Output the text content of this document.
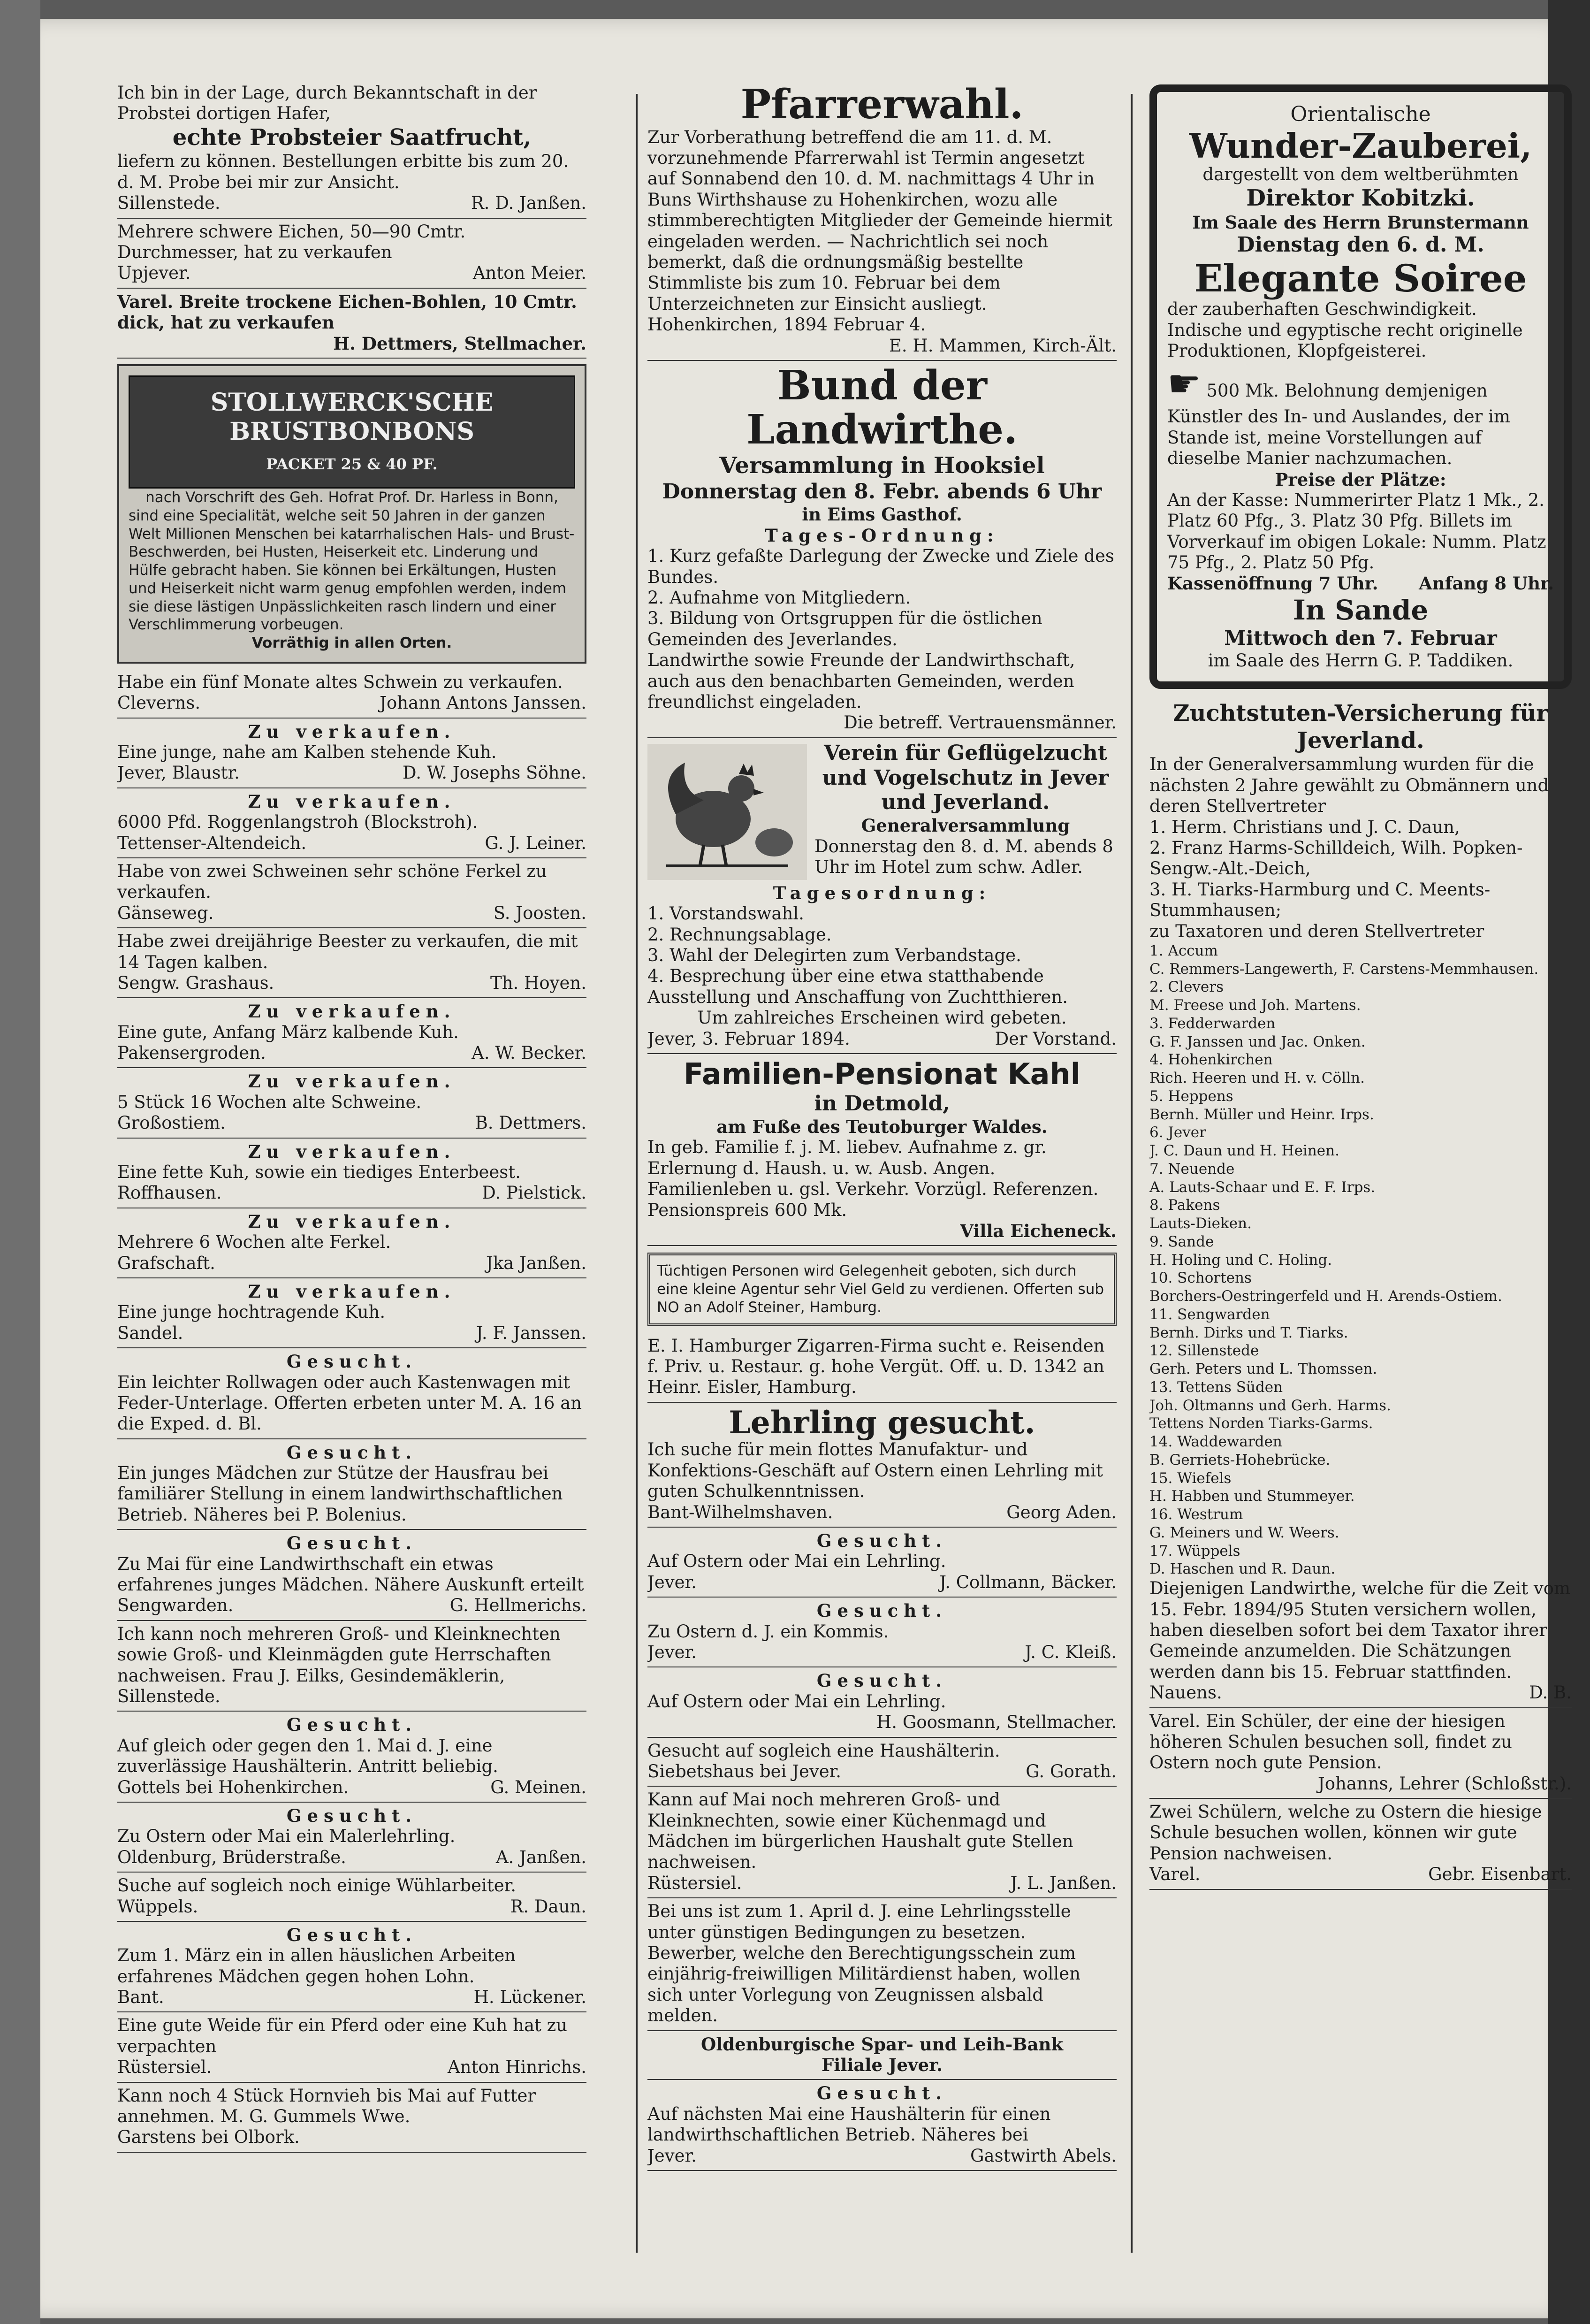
Ich bin in der Lage, durch Bekanntschaft in der Probstei dortigen Hafer,
echte Probsteier Saatfrucht,
liefern zu können. Bestellungen erbitte bis zum 20. d. M. Probe bei mir zur Ansicht.
Sillenstede.	R. D. Janßen.
Mehrere schwere Eichen, 50—90 Cmtr. Durchmesser, hat zu verkaufen
Upjever.	Anton Meier.
Varel. Breite trockene Eichen-Bohlen, 10 Cmtr. dick, hat zu verkaufen
H. Dettmers, Stellmacher.
STOLLWERCK'SCHE BRUSTBONBONS
PACKET 25 & 40 PF.
nach Vorschrift des Geh. Hofrat Prof. Dr. Harless in Bonn,
sind eine Specialität, welche seit 50 Jahren in der ganzen Welt Millionen Menschen bei katarrhalischen Hals- und Brust-Beschwerden, bei Husten, Heiserkeit etc. Linderung und Hülfe gebracht haben. Sie können bei Erkältungen, Husten und Heiserkeit nicht warm genug empfohlen werden, indem sie diese lästigen Unpässlichkeiten rasch lindern und einer Verschlimmerung vorbeugen.
Vorräthig in allen Orten.
Habe ein fünf Monate altes Schwein zu verkaufen.
Cleverns.	Johann Antons Janssen.
Zu verkaufen.
Eine junge, nahe am Kalben stehende Kuh.
Jever, Blaustr.	D. W. Josephs Söhne.
Zu verkaufen.
6000 Pfd. Roggenlangstroh (Blockstroh).
Tettenser-Altendeich.	G. J. Leiner.
Habe von zwei Schweinen sehr schöne Ferkel zu verkaufen.
Gänseweg.	S. Joosten.
Habe zwei dreijährige Beester zu verkaufen, die mit 14 Tagen kalben.
Sengw. Grashaus.	Th. Hoyen.
Zu verkaufen.
Eine gute, Anfang März kalbende Kuh.
Pakensergroden.	A. W. Becker.
Zu verkaufen.
5 Stück 16 Wochen alte Schweine.
Großostiem.	B. Dettmers.
Zu verkaufen.
Eine fette Kuh, sowie ein tiediges Enterbeest.
Roffhausen.	D. Pielstick.
Zu verkaufen.
Mehrere 6 Wochen alte Ferkel.
Grafschaft.	Jka Janßen.
Zu verkaufen.
Eine junge hochtragende Kuh.
Sandel.	J. F. Janssen.
Gesucht.
Ein leichter Rollwagen oder auch Kastenwagen mit Feder-Unterlage. Offerten erbeten unter M. A. 16 an die Exped. d. Bl.
Gesucht.
Ein junges Mädchen zur Stütze der Hausfrau bei familiärer Stellung in einem landwirthschaftlichen Betrieb. Näheres bei P. Bolenius.
Gesucht.
Zu Mai für eine Landwirthschaft ein etwas erfahrenes junges Mädchen. Nähere Auskunft erteilt
Sengwarden.	G. Hellmerichs.
Ich kann noch mehreren Groß- und Kleinknechten sowie Groß- und Kleinmägden gute Herrschaften nachweisen. Frau J. Eilks, Gesindemäklerin, Sillenstede.
Gesucht.
Auf gleich oder gegen den 1. Mai d. J. eine zuverlässige Haushälterin. Antritt beliebig.
Gottels bei Hohenkirchen.	G. Meinen.
Gesucht.
Zu Ostern oder Mai ein Malerlehrling.
Oldenburg, Brüderstraße.	A. Janßen.
Suche auf sogleich noch einige Wühlarbeiter.
Wüppels.	R. Daun.
Gesucht.
Zum 1. März ein in allen häuslichen Arbeiten erfahrenes Mädchen gegen hohen Lohn.
Bant.	H. Lückener.
Eine gute Weide für ein Pferd oder eine Kuh hat zu verpachten
Rüstersiel.	Anton Hinrichs.
Kann noch 4 Stück Hornvieh bis Mai auf Futter annehmen. M. G. Gummels Wwe.
Garstens bei Olbork.
Pfarrerwahl.
Zur Vorberathung betreffend die am 11. d. M. vorzunehmende Pfarrerwahl ist Termin angesetzt auf Sonnabend den 10. d. M. nachmittags 4 Uhr in Buns Wirthshause zu Hohenkirchen, wozu alle stimmberechtigten Mitglieder der Gemeinde hiermit eingeladen werden. — Nachrichtlich sei noch bemerkt, daß die ordnungsmäßig bestellte Stimmliste bis zum 10. Februar bei dem Unterzeichneten zur Einsicht ausliegt.
Hohenkirchen, 1894 Februar 4.
E. H. Mammen, Kirch-Ält.
Bund der Landwirthe.
Versammlung in Hooksiel
Donnerstag den 8. Febr. abends 6 Uhr
in Eims Gasthof.
Tages-Ordnung:
1. Kurz gefaßte Darlegung der Zwecke und Ziele des Bundes.
2. Aufnahme von Mitgliedern.
3. Bildung von Ortsgruppen für die östlichen Gemeinden des Jeverlandes.
Landwirthe sowie Freunde der Landwirthschaft, auch aus den benachbarten Gemeinden, werden freundlichst eingeladen.
Die betreff. Vertrauensmänner.
Verein für Geflügelzucht und Vogelschutz in Jever und Jeverland.
Generalversammlung
Donnerstag den 8. d. M. abends 8 Uhr im Hotel zum schw. Adler.
Tagesordnung:
1. Vorstandswahl.
2. Rechnungsablage.
3. Wahl der Delegirten zum Verbandstage.
4. Besprechung über eine etwa statthabende Ausstellung und Anschaffung von Zuchtthieren.
Um zahlreiches Erscheinen wird gebeten.
Jever, 3. Februar 1894.	Der Vorstand.
Familien-Pensionat Kahl
in Detmold,
am Fuße des Teutoburger Waldes.
In geb. Familie f. j. M. liebev. Aufnahme z. gr. Erlernung d. Haush. u. w. Ausb. Angen. Familienleben u. gsl. Verkehr. Vorzügl. Referenzen. Pensionspreis 600 Mk.
Villa Eicheneck.
Tüchtigen Personen wird Gelegenheit geboten, sich durch eine kleine Agentur sehr Viel Geld zu verdienen. Offerten sub NO an Adolf Steiner, Hamburg.
E. I. Hamburger Zigarren-Firma sucht e. Reisenden f. Priv. u. Restaur. g. hohe Vergüt. Off. u. D. 1342 an Heinr. Eisler, Hamburg.
Lehrling gesucht.
Ich suche für mein flottes Manufaktur- und Konfektions-Geschäft auf Ostern einen Lehrling mit guten Schulkenntnissen.
Bant-Wilhelmshaven.	Georg Aden.
Gesucht.
Auf Ostern oder Mai ein Lehrling.
Jever.	J. Collmann, Bäcker.
Gesucht.
Zu Ostern d. J. ein Kommis.
Jever.	J. C. Kleiß.
Gesucht.
Auf Ostern oder Mai ein Lehrling.
H. Goosmann, Stellmacher.
Gesucht auf sogleich eine Haushälterin.
Siebetshaus bei Jever.	G. Gorath.
Kann auf Mai noch mehreren Groß- und Kleinknechten, sowie einer Küchenmagd und Mädchen im bürgerlichen Haushalt gute Stellen nachweisen.
Rüstersiel.	J. L. Janßen.
Bei uns ist zum 1. April d. J. eine Lehrlingsstelle unter günstigen Bedingungen zu besetzen. Bewerber, welche den Berechtigungsschein zum einjährig-freiwilligen Militärdienst haben, wollen sich unter Vorlegung von Zeugnissen alsbald melden.
Oldenburgische Spar- und Leih-Bank
Filiale Jever.
Gesucht.
Auf nächsten Mai eine Haushälterin für einen landwirthschaftlichen Betrieb. Näheres bei
Jever.	Gastwirth Abels.
Orientalische
Wunder-Zauberei,
dargestellt von dem weltberühmten
Direktor Kobitzki.
Im Saale des Herrn Brunstermann
Dienstag den 6. d. M.
Elegante Soiree
der zauberhaften Geschwindigkeit. Indische und egyptische recht originelle Produktionen, Klopfgeisterei.
☛ 500 Mk. Belohnung demjenigen Künstler des In- und Auslandes, der im Stande ist, meine Vorstellungen auf dieselbe Manier nachzumachen.
Preise der Plätze:
An der Kasse: Nummerirter Platz 1 Mk., 2. Platz 60 Pfg., 3. Platz 30 Pfg. Billets im Vorverkauf im obigen Lokale: Numm. Platz 75 Pfg., 2. Platz 50 Pfg.
Kassenöffnung 7 Uhr. Anfang 8 Uhr.
In Sande
Mittwoch den 7. Februar
im Saale des Herrn G. P. Taddiken.
Zuchtstuten-Versicherung für Jeverland.
In der Generalversammlung wurden für die nächsten 2 Jahre gewählt zu Obmännern und deren Stellvertreter
1. Herm. Christians und J. C. Daun,
2. Franz Harms-Schilldeich, Wilh. Popken-Sengw.-Alt.-Deich,
3. H. Tiarks-Harmburg und C. Meents-Stummhausen;
zu Taxatoren und deren Stellvertreter
1. Accum
C. Remmers-Langewerth, F. Carstens-Memmhausen.
2. Clevers
M. Freese und Joh. Martens.
3. Fedderwarden
G. F. Janssen und Jac. Onken.
4. Hohenkirchen
Rich. Heeren und H. v. Cölln.
5. Heppens
Bernh. Müller und Heinr. Irps.
6. Jever
J. C. Daun und H. Heinen.
7. Neuende
A. Lauts-Schaar und E. F. Irps.
8. Pakens
Lauts-Dieken.
9. Sande
H. Holing und C. Holing.
10. Schortens
Borchers-Oestringerfeld und H. Arends-Ostiem.
11. Sengwarden
Bernh. Dirks und T. Tiarks.
12. Sillenstede
Gerh. Peters und L. Thomssen.
13. Tettens Süden
Joh. Oltmanns und Gerh. Harms.
Tettens Norden Tiarks-Garms.
14. Waddewarden
B. Gerriets-Hohebrücke.
15. Wiefels
H. Habben und Stummeyer.
16. Westrum
G. Meiners und W. Weers.
17. Wüppels
D. Haschen und R. Daun.
Diejenigen Landwirthe, welche für die Zeit vom 15. Febr. 1894/95 Stuten versichern wollen, haben dieselben sofort bei dem Taxator ihrer Gemeinde anzumelden. Die Schätzungen werden dann bis 15. Februar stattfinden.
Nauens.	D. B.
Varel. Ein Schüler, der eine der hiesigen höheren Schulen besuchen soll, findet zu Ostern noch gute Pension.
Johanns, Lehrer (Schloßstr.).
Zwei Schülern, welche zu Ostern die hiesige Schule besuchen wollen, können wir gute Pension nachweisen.
Varel.	Gebr. Eisenbart.
